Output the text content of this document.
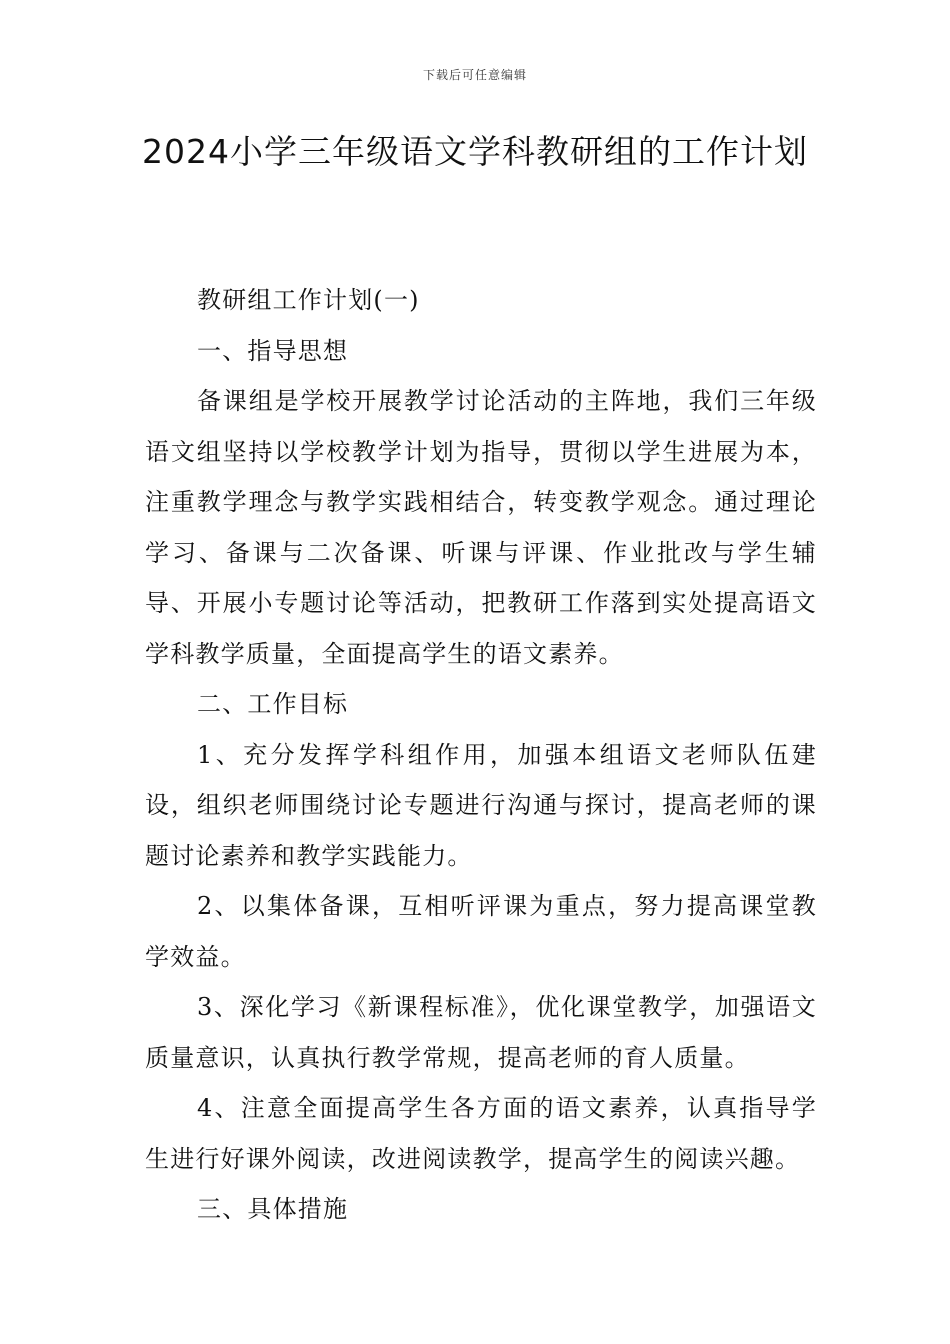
下载后可任意编辑
2024小学三年级语文学科教研组的工作计划

教研组工作计划(一)

一、指导思想

备课组是学校开展教学讨论活动的主阵地，我们三年级语文组坚持以学校教学计划为指导，贯彻以学生进展为本，注重教学理念与教学实践相结合，转变教学观念。通过理论学习、备课与二次备课、听课与评课、作业批改与学生辅导、开展小专题讨论等活动，把教研工作落到实处提高语文学科教学质量，全面提高学生的语文素养。

二、工作目标

1、充分发挥学科组作用，加强本组语文老师队伍建设，组织老师围绕讨论专题进行沟通与探讨，提高老师的课题讨论素养和教学实践能力。

2、以集体备课，互相听评课为重点，努力提高课堂教学效益。

3、深化学习《新课程标准》，优化课堂教学，加强语文质量意识，认真执行教学常规，提高老师的育人质量。

4、注意全面提高学生各方面的语文素养，认真指导学生进行好课外阅读，改进阅读教学，提高学生的阅读兴趣。

三、具体措施
